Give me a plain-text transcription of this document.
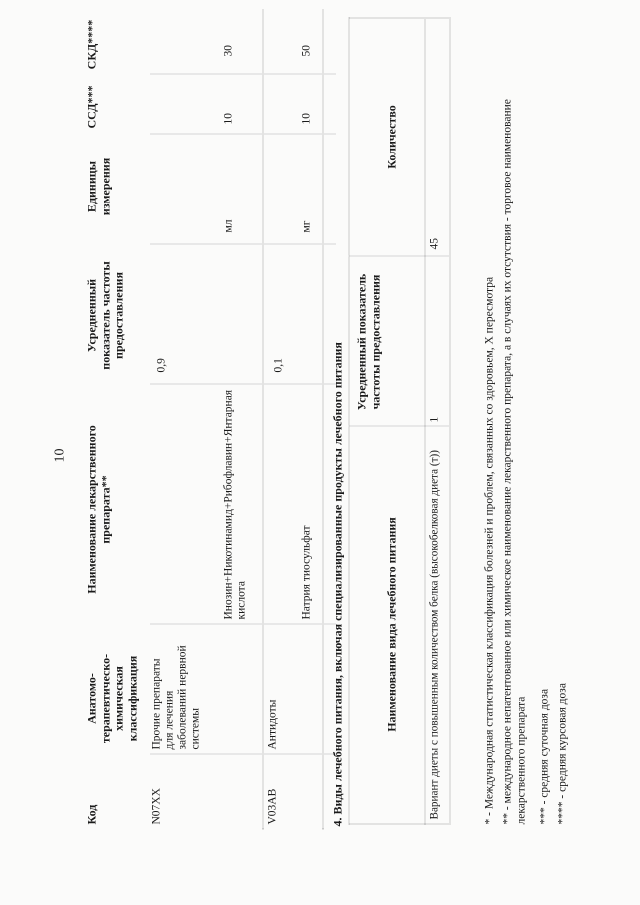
10
Код
Анатомо-терапевтическо-химическая классификация
Наименование лекарственного препарата**
Усредненный показатель частоты предоставления
Единицы измерения
ССД***
СКД****
N07XX
Прочие препараты для лечения заболеваний нервной системы
0,9
Инозин+Никотинамид+Рибофлавин+Янтарная кислота
мл
10
30
V03AB
Антидоты
0,1
Натрия тиосульфат
мг
10
50
4. Виды лечебного питания, включая специализированные продукты лечебного питания	Наименование вида лечебного питания
Усредненный показатель частоты предоставления
Количество
Вариант диеты с повышенным количеством белка (высокобелковая диета (т))
1
45
* - Международная статистическая классификация болезней и проблем, связанных со здоровьем, X пересмотра ** - международное непатентованное или химическое наименование лекарственного препарата, а в случаях их отсутствия - торговое наименование лекарственного препарата *** - средняя суточная доза **** - средняя курсовая доза
